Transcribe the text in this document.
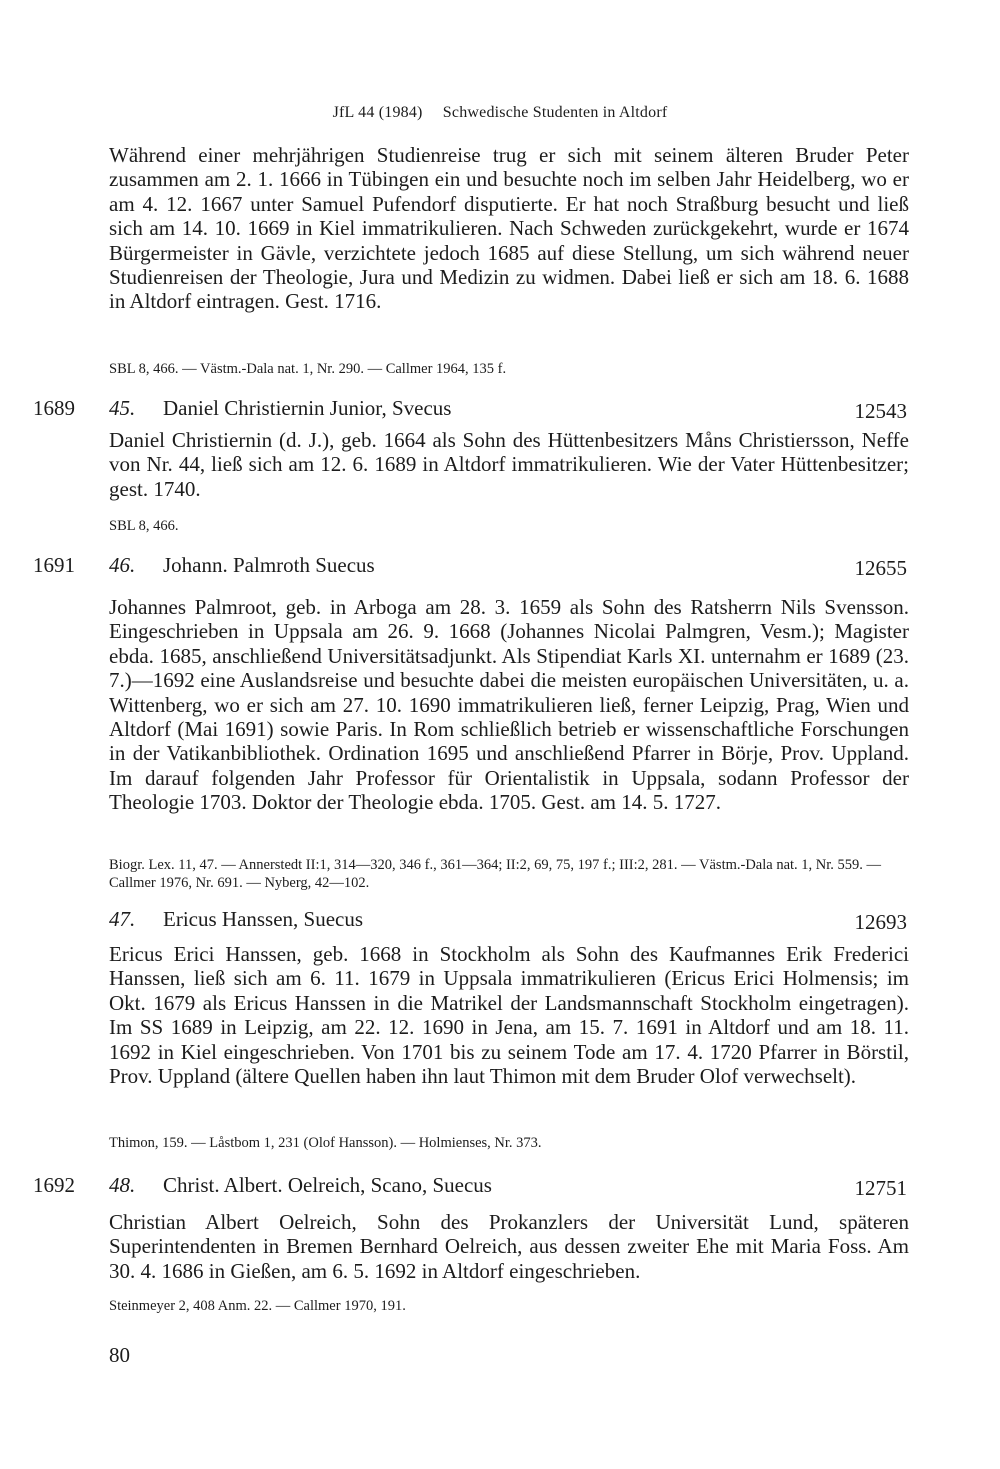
JfL 44 (1984) Schwedische Studenten in Altdorf

Während einer mehrjährigen Studienreise trug er sich mit seinem älteren Bruder Peter zusammen am 2. 1. 1666 in Tübingen ein und besuchte noch im selben Jahr Heidelberg, wo er am 4. 12. 1667 unter Samuel Pufendorf disputierte. Er hat noch Straßburg besucht und ließ sich am 14. 10. 1669 in Kiel immatrikulieren. Nach Schweden zurückgekehrt, wurde er 1674 Bürgermeister in Gävle, verzichtete jedoch 1685 auf diese Stellung, um sich während neuer Studienreisen der Theologie, Jura und Medizin zu widmen. Dabei ließ er sich am 18. 6. 1688 in Altdorf eintragen. Gest. 1716.

SBL 8, 466. — Västm.-Dala nat. 1, Nr. 290. — Callmer 1964, 135 f.

1689 45. Daniel Christiernin Junior, Svecus	12543

Daniel Christiernin (d. J.), geb. 1664 als Sohn des Hüttenbesitzers Måns Christiersson, Neffe von Nr. 44, ließ sich am 12. 6. 1689 in Altdorf immatrikulieren. Wie der Vater Hüttenbesitzer; gest. 1740.

SBL 8, 466.

1691 46. Johann. Palmroth Suecus	12655

Johannes Palmroot, geb. in Arboga am 28. 3. 1659 als Sohn des Ratsherrn Nils Svensson. Eingeschrieben in Uppsala am 26. 9. 1668 (Johannes Nicolai Palmgren, Vesm.); Magister ebda. 1685, anschließend Universitätsadjunkt. Als Stipendiat Karls XI. unternahm er 1689 (23. 7.)—1692 eine Auslandsreise und besuchte dabei die meisten europäischen Universitäten, u. a. Wittenberg, wo er sich am 27. 10. 1690 immatrikulieren ließ, ferner Leipzig, Prag, Wien und Altdorf (Mai 1691) sowie Paris. In Rom schließlich betrieb er wissenschaftliche Forschungen in der Vatikanbibliothek. Ordination 1695 und anschließend Pfarrer in Börje, Prov. Uppland. Im darauf folgenden Jahr Professor für Orientalistik in Uppsala, sodann Professor der Theologie 1703. Doktor der Theologie ebda. 1705. Gest. am 14. 5. 1727.

Biogr. Lex. 11, 47. — Annerstedt II:1, 314—320, 346 f., 361—364; II:2, 69, 75, 197 f.; III:2, 281. — Västm.-Dala nat. 1, Nr. 559. — Callmer 1976, Nr. 691. — Nyberg, 42—102.

47. Ericus Hanssen, Suecus	12693

Ericus Erici Hanssen, geb. 1668 in Stockholm als Sohn des Kaufmannes Erik Frederici Hanssen, ließ sich am 6. 11. 1679 in Uppsala immatrikulieren (Ericus Erici Holmensis; im Okt. 1679 als Ericus Hanssen in die Matrikel der Landsmannschaft Stockholm eingetragen). Im SS 1689 in Leipzig, am 22. 12. 1690 in Jena, am 15. 7. 1691 in Altdorf und am 18. 11. 1692 in Kiel eingeschrieben. Von 1701 bis zu seinem Tode am 17. 4. 1720 Pfarrer in Börstil, Prov. Uppland (ältere Quellen haben ihn laut Thimon mit dem Bruder Olof verwechselt).

Thimon, 159. — Låstbom 1, 231 (Olof Hansson). — Holmienses, Nr. 373.

1692 48. Christ. Albert. Oelreich, Scano, Suecus	12751

Christian Albert Oelreich, Sohn des Prokanzlers der Universität Lund, späteren Superintendenten in Bremen Bernhard Oelreich, aus dessen zweiter Ehe mit Maria Foss. Am 30. 4. 1686 in Gießen, am 6. 5. 1692 in Altdorf eingeschrieben.

Steinmeyer 2, 408 Anm. 22. — Callmer 1970, 191.

80
